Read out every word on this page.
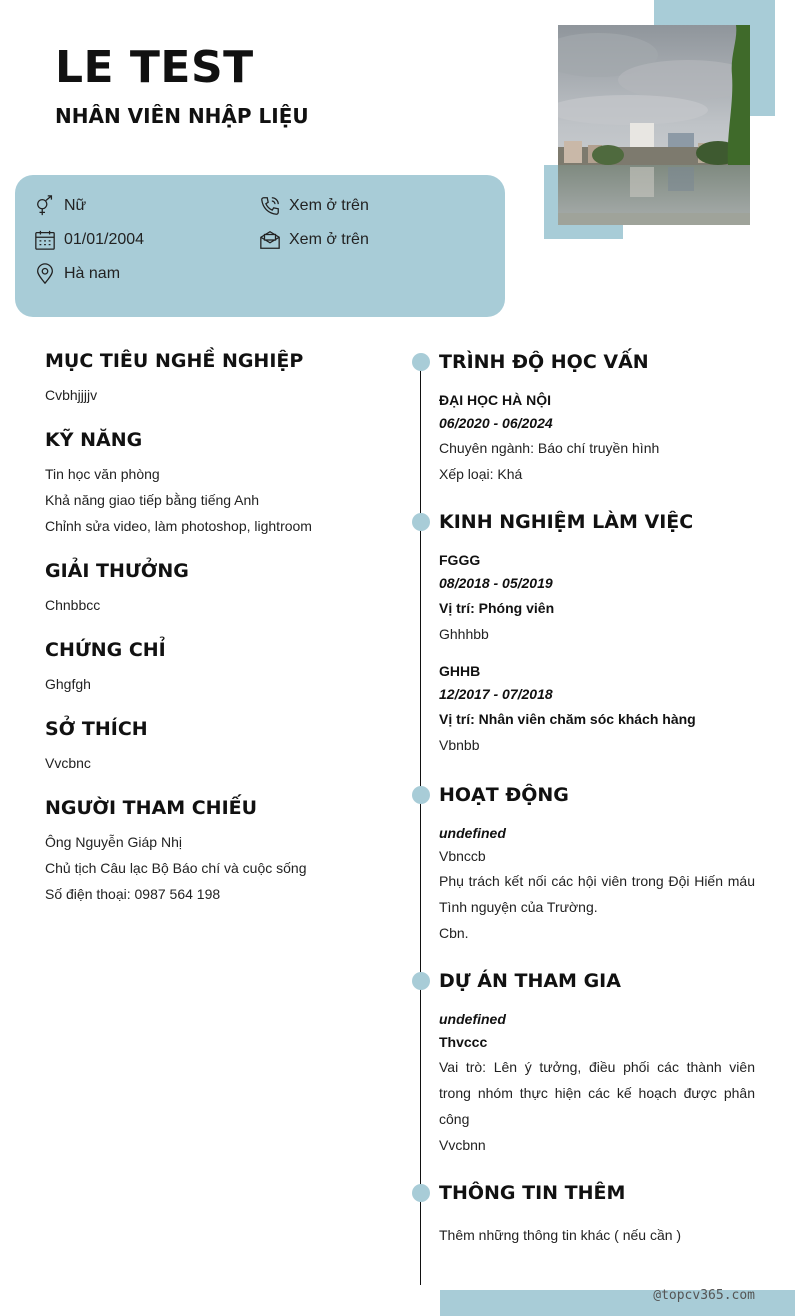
LE TEST
NHÂN VIÊN NHẬP LIỆU
Nữ
01/01/2004
Hà nam
Xem ở trên
Xem ở trên
MỤC TIÊU NGHỀ NGHIỆP
Cvbhjjjjv
KỸ NĂNG
Tin học văn phòng
Khả năng giao tiếp bằng tiếng Anh
Chỉnh sửa video, làm photoshop, lightroom
GIẢI THƯỞNG
Chnbbcc
CHỨNG CHỈ
Ghgfgh
SỞ THÍCH
Vvcbnc
NGƯỜI THAM CHIẾU
Ông Nguyễn Giáp Nhị
Chủ tịch Câu lạc Bộ Báo chí và cuộc sống
Số điện thoại: 0987 564 198
TRÌNH ĐỘ HỌC VẤN
ĐẠI HỌC HÀ NỘI
06/2020 - 06/2024
Chuyên ngành: Báo chí truyền hình
Xếp loại: Khá
KINH NGHIỆM LÀM VIỆC
FGGG
08/2018 - 05/2019
Vị trí: Phóng viên
Ghhhbb
GHHB
12/2017 - 07/2018
Vị trí: Nhân viên chăm sóc khách hàng
Vbnbb
HOẠT ĐỘNG
undefined
Vbnccb
Phụ trách kết nối các hội viên trong Đội Hiến máu Tình nguyện của Trường.
Cbn.
DỰ ÁN THAM GIA
undefined
Thvccc
Vai trò: Lên ý tưởng, điều phối các thành viên trong nhóm thực hiện các kế hoạch được phân công
Vvcbnn
THÔNG TIN THÊM
Thêm những thông tin khác ( nếu cần )
@topcv365.com
